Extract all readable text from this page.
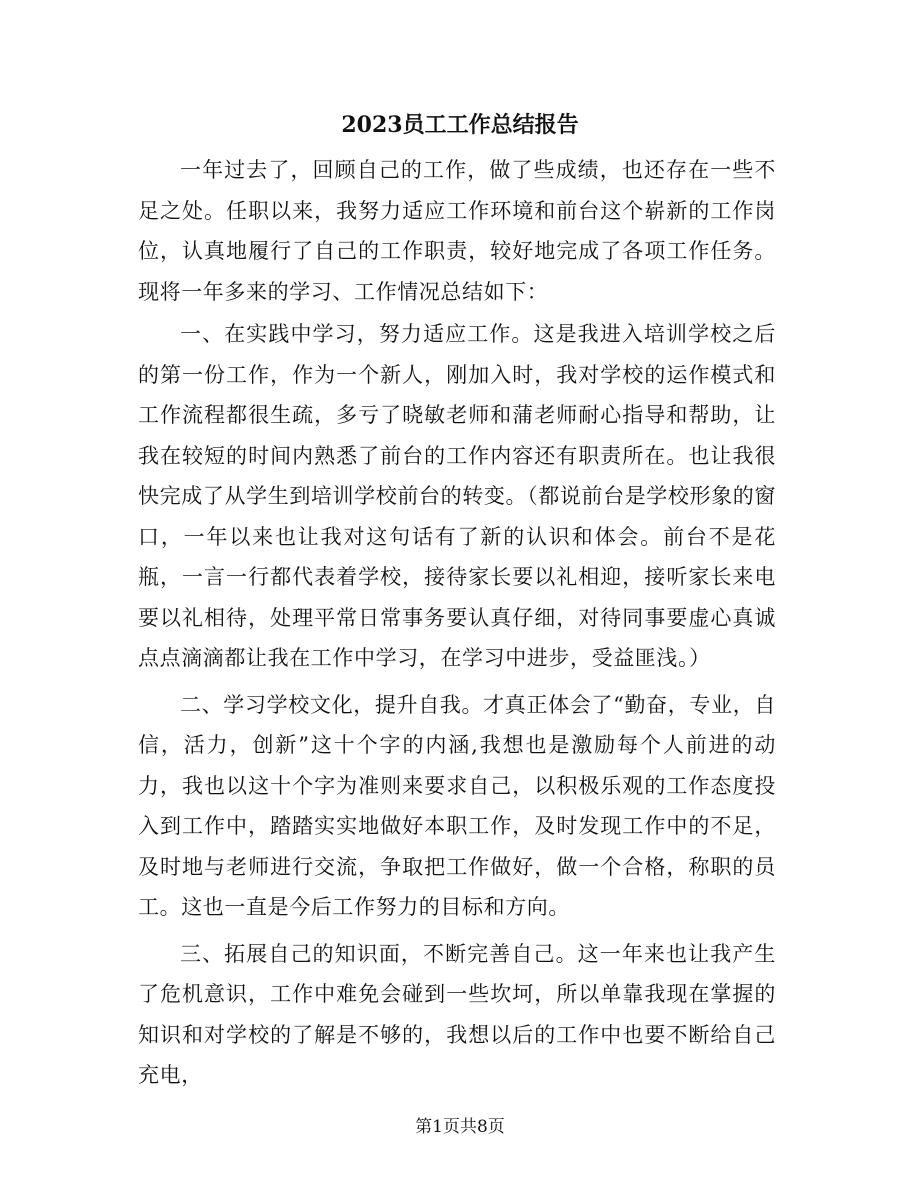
2023员工工作总结报告

一年过去了，回顾自己的工作，做了些成绩，也还存在一些不足之处。任职以来，我努力适应工作环境和前台这个崭新的工作岗位，认真地履行了自己的工作职责，较好地完成了各项工作任务。现将一年多来的学习、工作情况总结如下：

一、在实践中学习，努力适应工作。这是我进入培训学校之后的第一份工作，作为一个新人，刚加入时，我对学校的运作模式和工作流程都很生疏，多亏了晓敏老师和蒲老师耐心指导和帮助，让我在较短的时间内熟悉了前台的工作内容还有职责所在。也让我很快完成了从学生到培训学校前台的转变。（都说前台是学校形象的窗口，一年以来也让我对这句话有了新的认识和体会。前台不是花瓶，一言一行都代表着学校，接待家长要以礼相迎，接听家长来电要以礼相待，处理平常日常事务要认真仔细，对待同事要虚心真诚点点滴滴都让我在工作中学习，在学习中进步，受益匪浅。）

二、学习学校文化，提升自我。才真正体会了“勤奋，专业，自信，活力，创新”这十个字的内涵,我想也是激励每个人前进的动力，我也以这十个字为准则来要求自己，以积极乐观的工作态度投入到工作中，踏踏实实地做好本职工作，及时发现工作中的不足，及时地与老师进行交流，争取把工作做好，做一个合格，称职的员工。这也一直是今后工作努力的目标和方向。

三、拓展自己的知识面，不断完善自己。这一年来也让我产生了危机意识，工作中难免会碰到一些坎坷，所以单靠我现在掌握的知识和对学校的了解是不够的，我想以后的工作中也要不断给自己充电，

第1页共8页
